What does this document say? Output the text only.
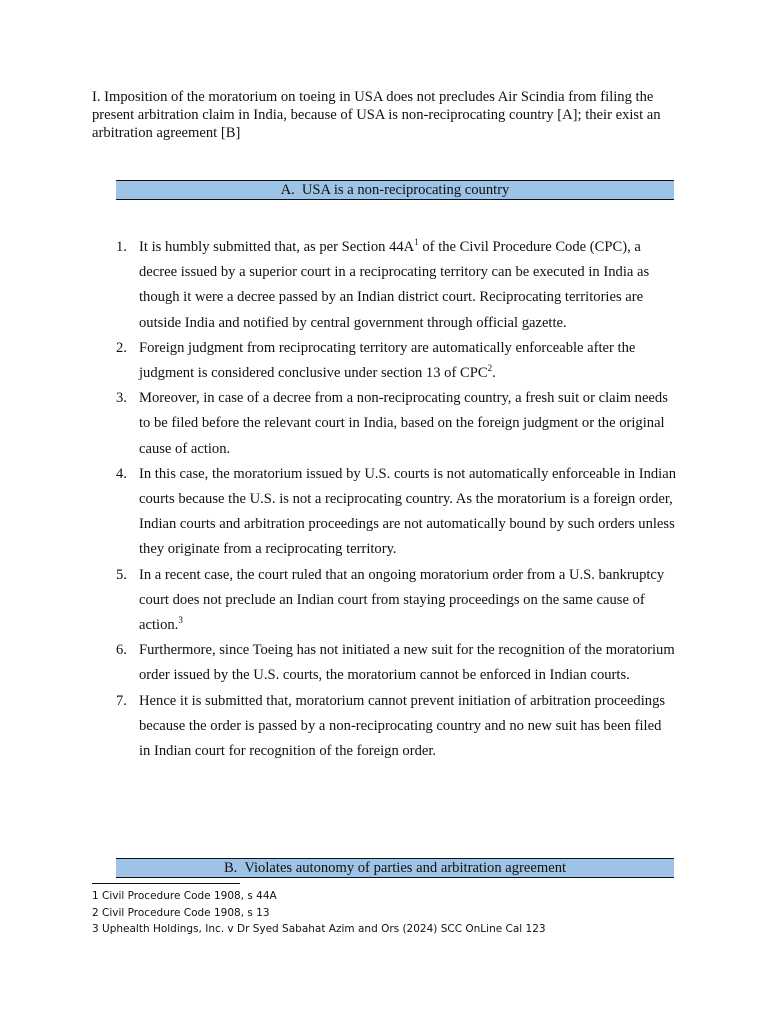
I. Imposition of the moratorium on toeing in USA does not precludes Air Scindia from filing the present arbitration claim in India, because of USA is non-reciprocating country [A]; their exist an arbitration agreement [B]
A. USA is a non-reciprocating country
1. It is humbly submitted that, as per Section $44A^1$ of the Civil Procedure Code (CPC), a decree issued by a superior court in a reciprocating territory can be executed in India as though it were a decree passed by an Indian district court. Reciprocating territories are outside India and notified by central government through official gazette.
2. Foreign judgment from reciprocating territory are automatically enforceable after the judgment is considered conclusive under section 13 of CPC$^2$.
3. Moreover, in case of a decree from a non-reciprocating country, a fresh suit or claim needs to be filed before the relevant court in India, based on the foreign judgment or the original cause of action.
4. In this case, the moratorium issued by U.S. courts is not automatically enforceable in Indian courts because the U.S. is not a reciprocating country. As the moratorium is a foreign order, Indian courts and arbitration proceedings are not automatically bound by such orders unless they originate from a reciprocating territory.
5. In a recent case, the court ruled that an ongoing moratorium order from a U.S. bankruptcy court does not preclude an Indian court from staying proceedings on the same cause of action.$^3$
6. Furthermore, since Toeing has not initiated a new suit for the recognition of the moratorium order issued by the U.S. courts, the moratorium cannot be enforced in Indian courts.
7. Hence it is submitted that, moratorium cannot prevent initiation of arbitration proceedings because the order is passed by a non-reciprocating country and no new suit has been filed in Indian court for recognition of the foreign order.
B. Violates autonomy of parties and arbitration agreement
1 Civil Procedure Code 1908, s 44A
2 Civil Procedure Code 1908, s 13
3 Uphealth Holdings, Inc. v Dr Syed Sabahat Azim and Ors (2024) SCC OnLine Cal 123
